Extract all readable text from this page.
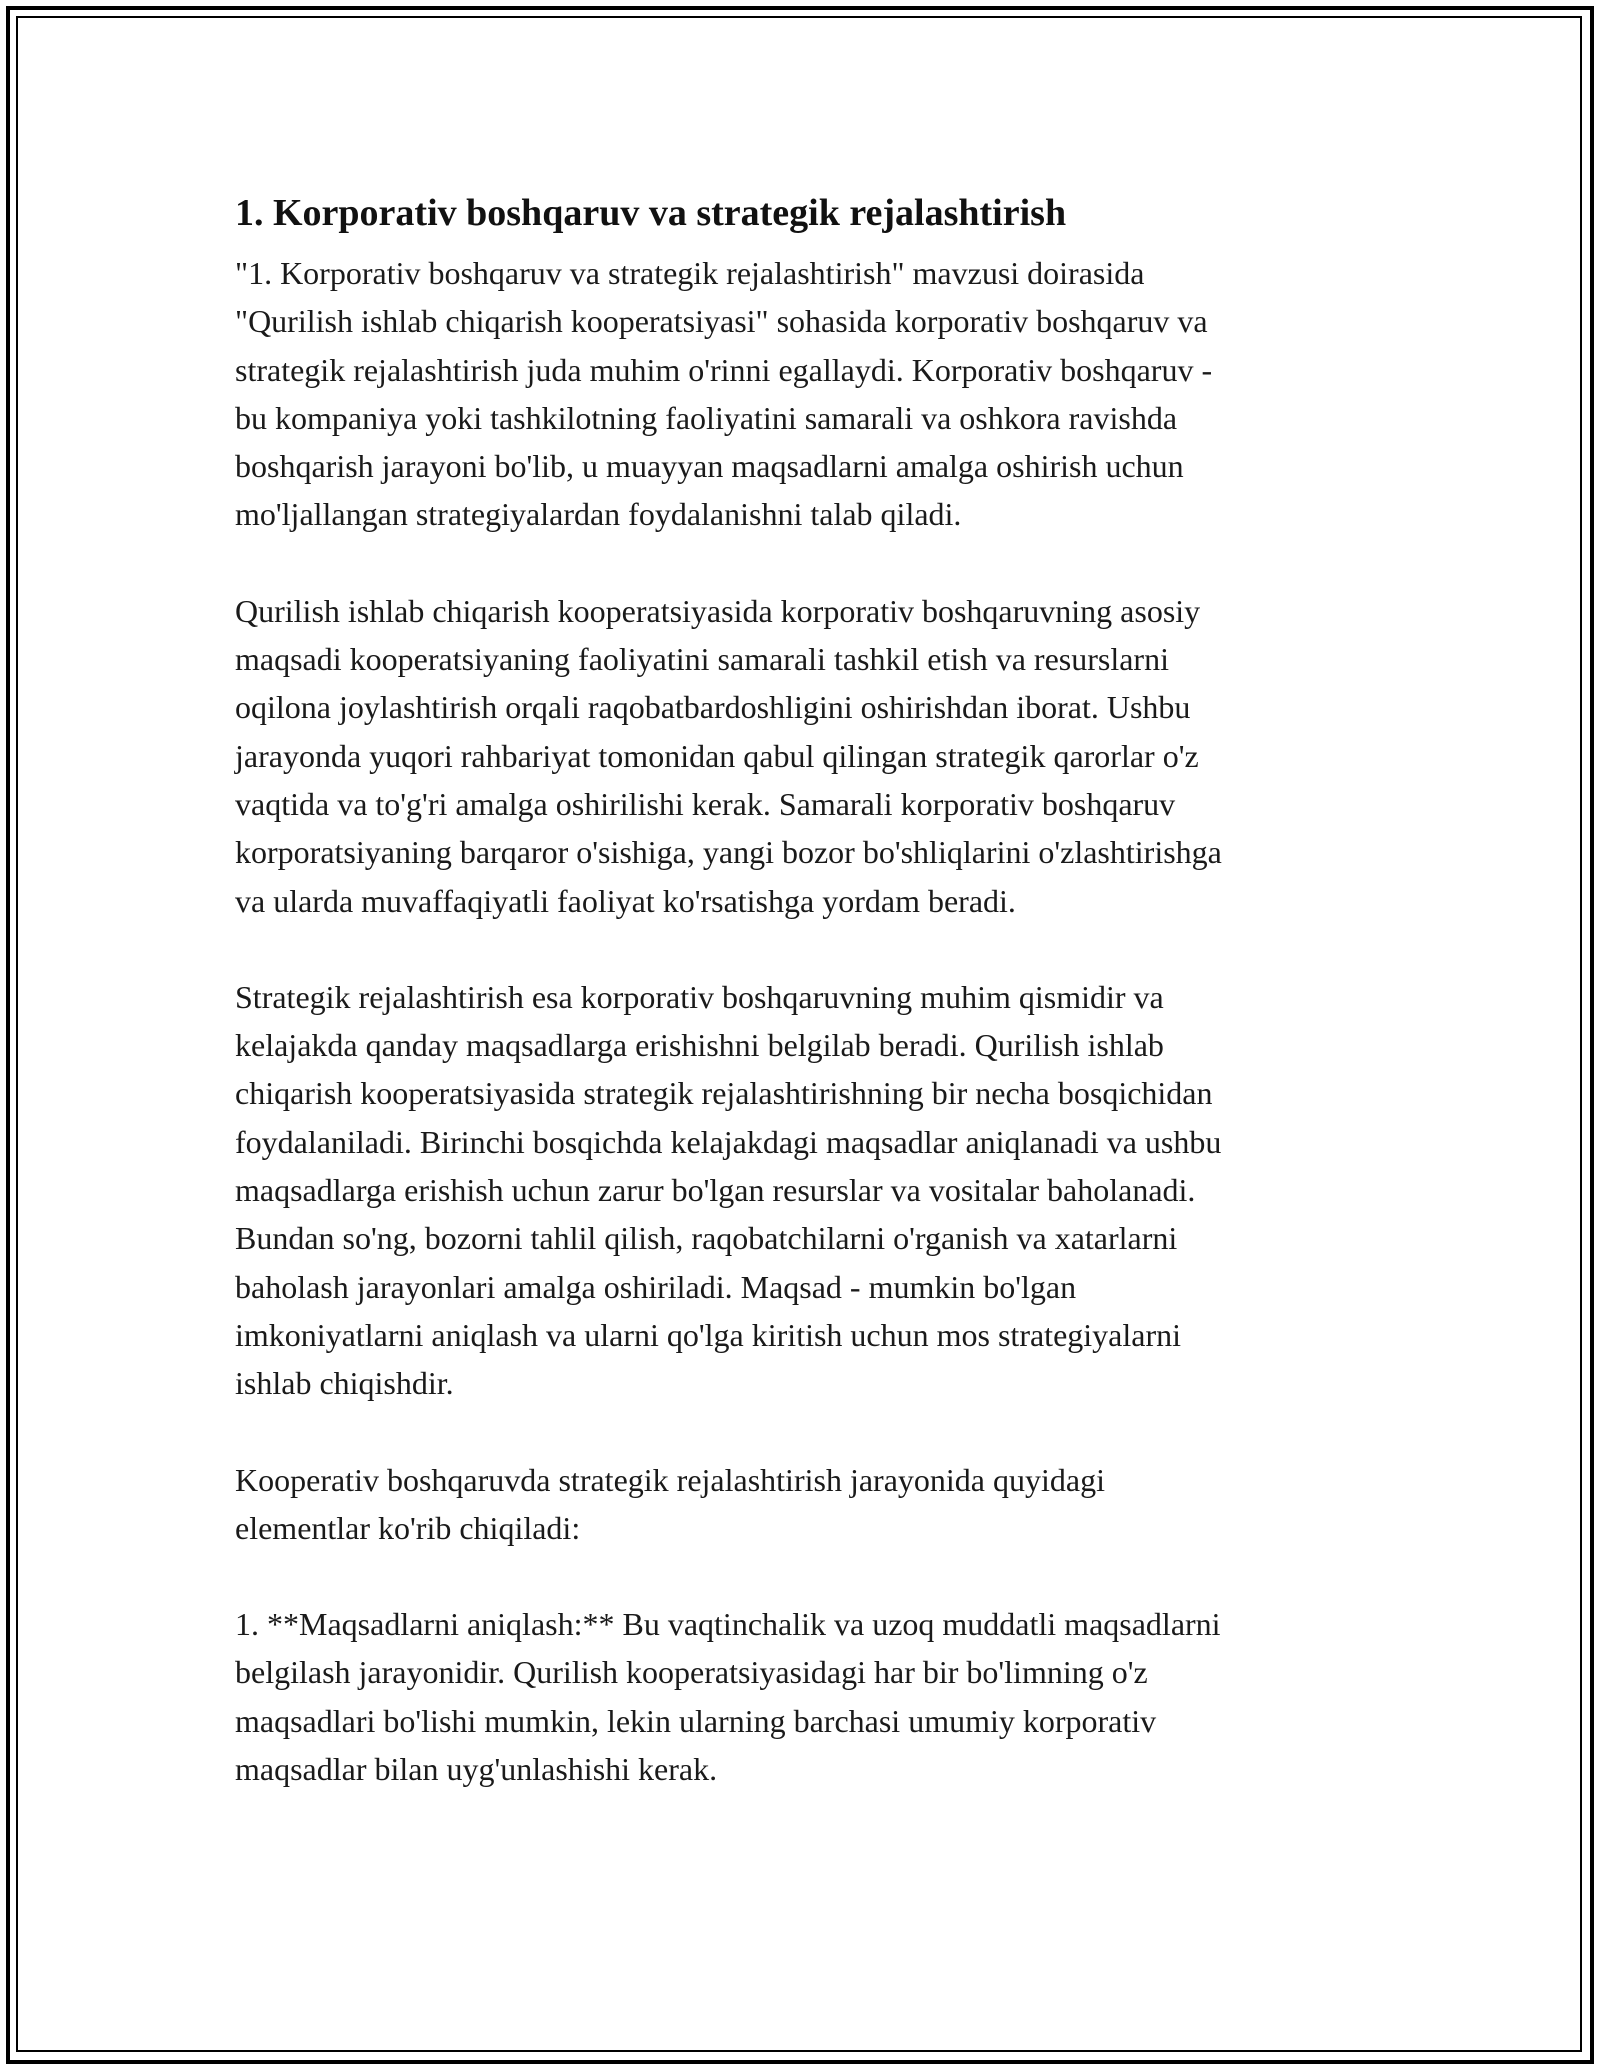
1. Korporativ boshqaruv va strategik rejalashtirish
"1. Korporativ boshqaruv va strategik rejalashtirish" mavzusi doirasida
"Qurilish ishlab chiqarish kooperatsiyasi" sohasida korporativ boshqaruv va
strategik rejalashtirish juda muhim o'rinni egallaydi. Korporativ boshqaruv -
bu kompaniya yoki tashkilotning faoliyatini samarali va oshkora ravishda
boshqarish jarayoni bo'lib, u muayyan maqsadlarni amalga oshirish uchun
mo'ljallangan strategiyalardan foydalanishni talab qiladi.
Qurilish ishlab chiqarish kooperatsiyasida korporativ boshqaruvning asosiy
maqsadi kooperatsiyaning faoliyatini samarali tashkil etish va resurslarni
oqilona joylashtirish orqali raqobatbardoshligini oshirishdan iborat. Ushbu
jarayonda yuqori rahbariyat tomonidan qabul qilingan strategik qarorlar o'z
vaqtida va to'g'ri amalga oshirilishi kerak. Samarali korporativ boshqaruv
korporatsiyaning barqaror o'sishiga, yangi bozor bo'shliqlarini o'zlashtirishga
va ularda muvaffaqiyatli faoliyat ko'rsatishga yordam beradi.
Strategik rejalashtirish esa korporativ boshqaruvning muhim qismidir va
kelajakda qanday maqsadlarga erishishni belgilab beradi. Qurilish ishlab
chiqarish kooperatsiyasida strategik rejalashtirishning bir necha bosqichidan
foydalaniladi. Birinchi bosqichda kelajakdagi maqsadlar aniqlanadi va ushbu
maqsadlarga erishish uchun zarur bo'lgan resurslar va vositalar baholanadi.
Bundan so'ng, bozorni tahlil qilish, raqobatchilarni o'rganish va xatarlarni
baholash jarayonlari amalga oshiriladi. Maqsad - mumkin bo'lgan
imkoniyatlarni aniqlash va ularni qo'lga kiritish uchun mos strategiyalarni
ishlab chiqishdir.
Kooperativ boshqaruvda strategik rejalashtirish jarayonida quyidagi
elementlar ko'rib chiqiladi:
1. **Maqsadlarni aniqlash:** Bu vaqtinchalik va uzoq muddatli maqsadlarni
belgilash jarayonidir. Qurilish kooperatsiyasidagi har bir bo'limning o'z
maqsadlari bo'lishi mumkin, lekin ularning barchasi umumiy korporativ
maqsadlar bilan uyg'unlashishi kerak.
